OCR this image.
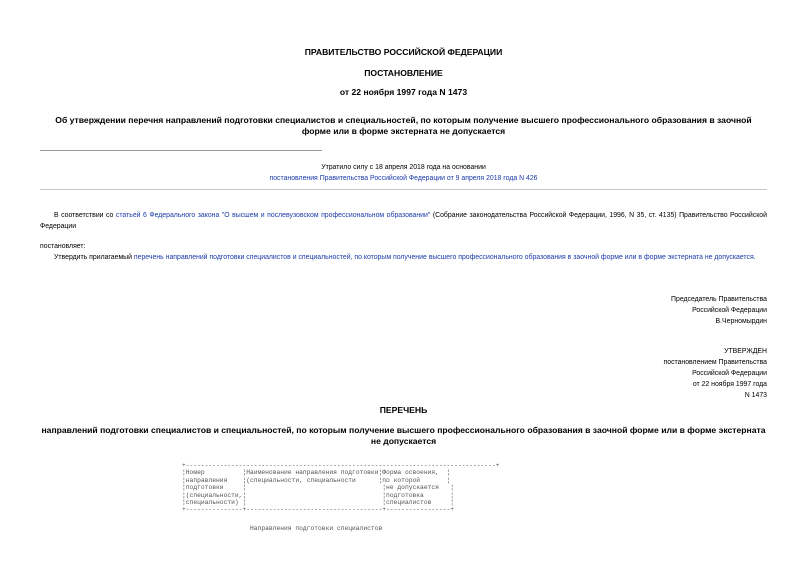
ПРАВИТЕЛЬСТВО РОССИЙСКОЙ ФЕДЕРАЦИИ
ПОСТАНОВЛЕНИЕ
от 22 ноября 1997 года N 1473
Об утверждении перечня направлений подготовки специалистов и специальностей, по которым получение высшего профессионального образования в заочной форме или в форме экстерната не допускается
Утратило силу с 18 апреля 2018 года на основании
постановления Правительства Российской Федерации от 9 апреля 2018 года N 426
В соответствии со статьей 6 Федерального закона "О высшем и послевузовском профессиональном образовании" (Собрание законодательства Российской Федерации, 1996, N 35, ст. 4135) Правительство Российской Федерации
постановляет:
Утвердить прилагаемый перечень направлений подготовки специалистов и специальностей, по которым получение высшего профессионального образования в заочной форме или в форме экстерната не допускается.
Председатель Правительства
Российской Федерации
В.Черномырдин
УТВЕРЖДЕН
постановлением Правительства
Российской Федерации
от 22 ноября 1997 года
N 1473
ПЕРЕЧЕНЬ
направлений подготовки специалистов и специальностей, по которым получение высшего профессионального образования в заочной форме или в форме экстерната не допускается
+----------------------------------------------------------------------------------+
¦Номер          ¦Наименование направления подготовки¦Форма освоения,  ¦
¦направления    ¦(специальности, специальности      ¦по которой       ¦
¦подготовки     ¦                                    ¦не допускается   ¦
¦(специальности,¦                                    ¦подготовка       ¦
¦специальности) ¦                                    ¦специалистов     ¦
+---------------+------------------------------------+-----------------+
Направления подготовки специалистов
